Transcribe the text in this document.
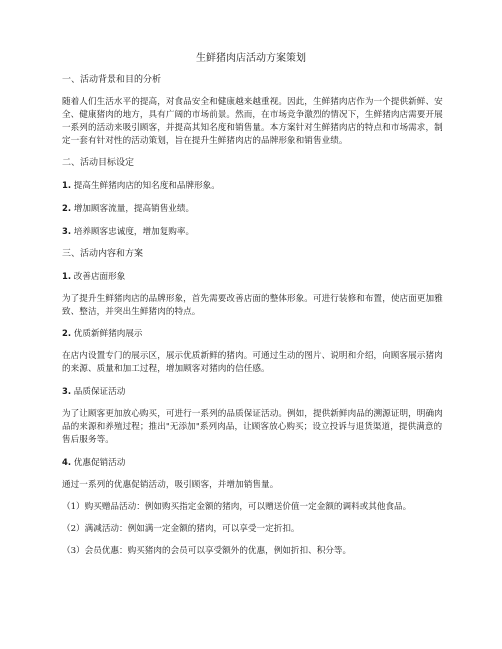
生鲜猪肉店活动方案策划

一、活动背景和目的分析

随着人们生活水平的提高，对食品安全和健康越来越重视。因此，生鲜猪肉店作为一个提供新鲜、安全、健康猪肉的地方，具有广阔的市场前景。然而，在市场竞争激烈的情况下，生鲜猪肉店需要开展一系列的活动来吸引顾客，并提高其知名度和销售量。本方案针对生鲜猪肉店的特点和市场需求，制定一套有针对性的活动策划，旨在提升生鲜猪肉店的品牌形象和销售业绩。

二、活动目标设定

1. 提高生鲜猪肉店的知名度和品牌形象。

2. 增加顾客流量，提高销售业绩。

3. 培养顾客忠诚度，增加复购率。

三、活动内容和方案

1. 改善店面形象

为了提升生鲜猪肉店的品牌形象，首先需要改善店面的整体形象。可进行装修和布置，使店面更加雅致、整洁，并突出生鲜猪肉的特点。

2. 优质新鲜猪肉展示

在店内设置专门的展示区，展示优质新鲜的猪肉。可通过生动的图片、说明和介绍，向顾客展示猪肉的来源、质量和加工过程，增加顾客对猪肉的信任感。

3. 品质保证活动

为了让顾客更加放心购买，可进行一系列的品质保证活动。例如，提供新鲜肉品的溯源证明，明确肉品的来源和养殖过程；推出"无添加"系列肉品，让顾客放心购买；设立投诉与退货渠道，提供满意的售后服务等。

4. 优惠促销活动

通过一系列的优惠促销活动，吸引顾客，并增加销售量。

（1）购买赠品活动：例如购买指定金额的猪肉，可以赠送价值一定金额的调料或其他食品。

（2）满减活动：例如满一定金额的猪肉，可以享受一定折扣。

（3）会员优惠：购买猪肉的会员可以享受额外的优惠，例如折扣、积分等。
